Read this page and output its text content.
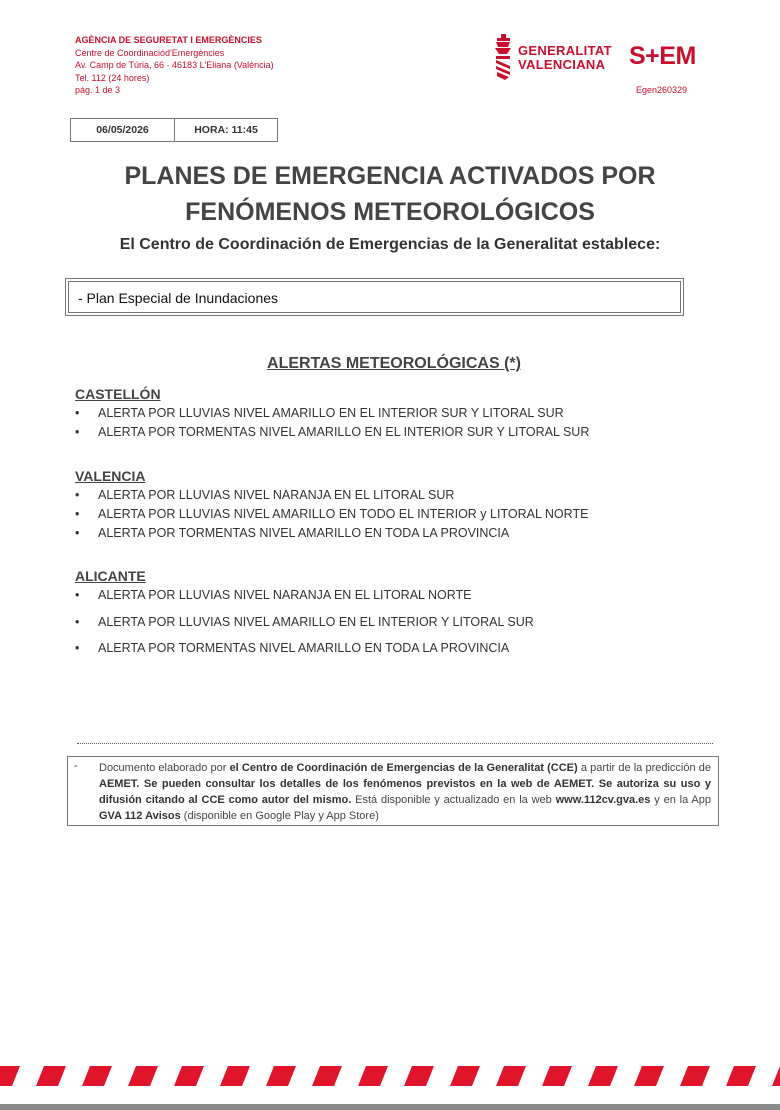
AGÈNCIA DE SEGURETAT I EMERGÈNCIES
Centre de Coordinaciód'Emergències
Av. Camp de Túria, 66 · 46183 L'Eliana (València)
Tel. 112 (24 hores)
pág. 1 de 3
GENERALITAT
VALENCIANA S+EM
Egen260329
06/05/2026	HORA: 11:45
PLANES DE EMERGENCIA ACTIVADOS POR
FENÓMENOS METEOROLÓGICOS
El Centro de Coordinación de Emergencias de la Generalitat establece:
- Plan Especial de Inundaciones
ALERTAS METEOROLÓGICAS (*)
CASTELLÓN
• ALERTA POR LLUVIAS NIVEL AMARILLO EN EL INTERIOR SUR Y LITORAL SUR
• ALERTA POR TORMENTAS NIVEL AMARILLO EN EL INTERIOR SUR Y LITORAL SUR
VALENCIA
• ALERTA POR LLUVIAS NIVEL NARANJA EN EL LITORAL SUR
• ALERTA POR LLUVIAS NIVEL AMARILLO EN TODO EL INTERIOR y LITORAL NORTE
• ALERTA POR TORMENTAS NIVEL AMARILLO EN TODA LA PROVINCIA
ALICANTE
• ALERTA POR LLUVIAS NIVEL NARANJA EN EL LITORAL NORTE
• ALERTA POR LLUVIAS NIVEL AMARILLO EN EL INTERIOR Y LITORAL SUR
• ALERTA POR TORMENTAS NIVEL AMARILLO EN TODA LA PROVINCIA
- Documento elaborado por el Centro de Coordinación de Emergencias de la Generalitat (CCE) a partir de la predicción de AEMET. Se pueden consultar los detalles de los fenómenos previstos en la web de AEMET. Se autoriza su uso y difusión citando al CCE como autor del mismo. Está disponible y actualizado en la web www.112cv.gva.es y en la App GVA 112 Avisos (disponible en Google Play y App Store)
